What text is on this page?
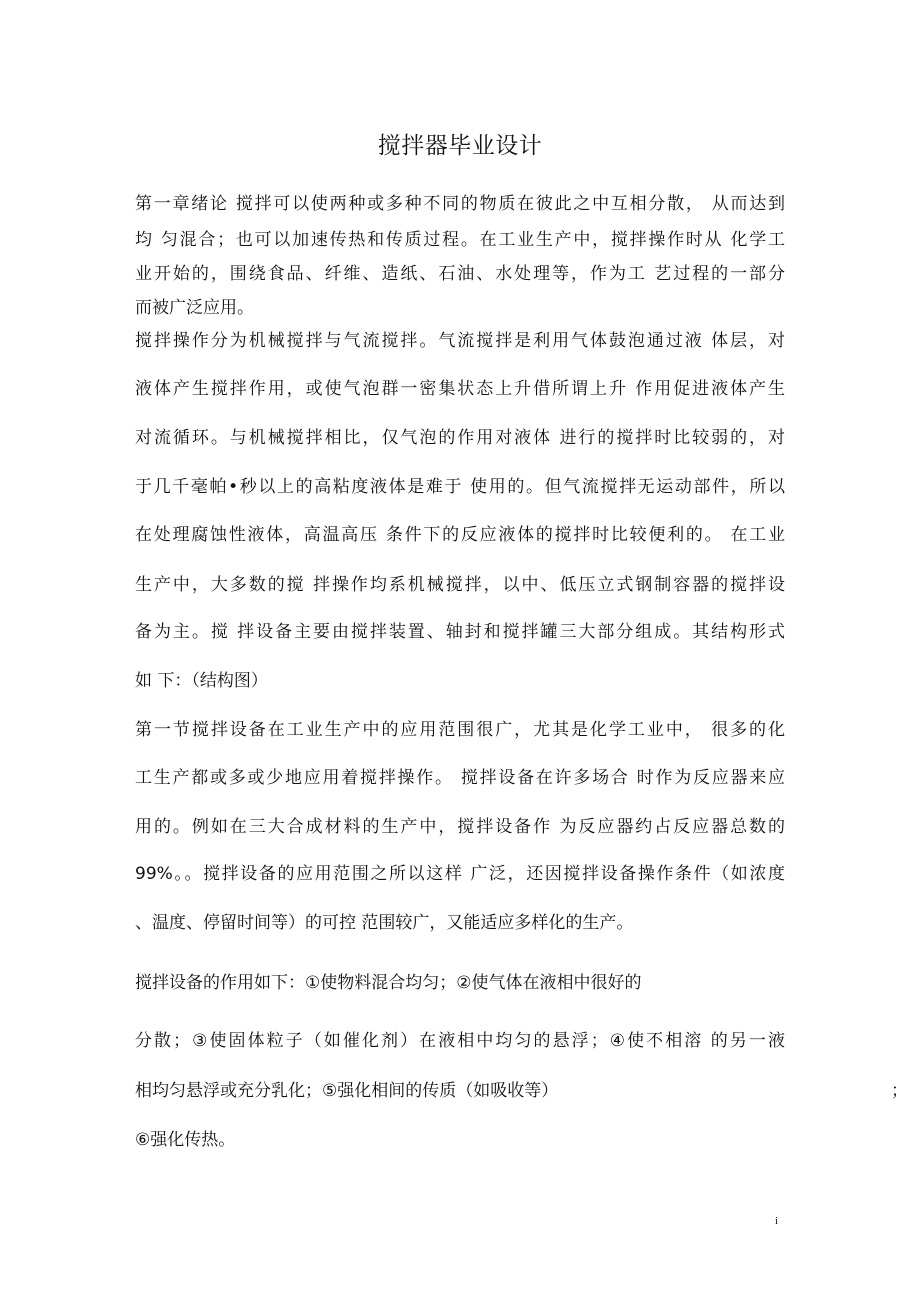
搅拌器毕业设计
第一章绪论 搅拌可以使两种或多种不同的物质在彼此之中互相分散， 从而达到
均 匀混合；也可以加速传热和传质过程。在工业生产中，搅拌操作时从 化学工
业开始的，围绕食品、纤维、造纸、石油、水处理等，作为工 艺过程的一部分
而被广泛应用。
搅拌操作分为机械搅拌与气流搅拌。气流搅拌是利用气体鼓泡通过液 体层，对
液体产生搅拌作用，或使气泡群一密集状态上升借所谓上升 作用促进液体产生
对流循环。与机械搅拌相比，仅气泡的作用对液体 进行的搅拌时比较弱的，对
于几千毫帕•秒以上的高粘度液体是难于 使用的。但气流搅拌无运动部件，所以
在处理腐蚀性液体，高温高压 条件下的反应液体的搅拌时比较便利的。 在工业
生产中，大多数的搅 拌操作均系机械搅拌，以中、低压立式钢制容器的搅拌设
备为主。搅 拌设备主要由搅拌装置、轴封和搅拌罐三大部分组成。其结构形式
如 下：（结构图）
第一节搅拌设备在工业生产中的应用范围很广，尤其是化学工业中， 很多的化
工生产都或多或少地应用着搅拌操作。 搅拌设备在许多场合 时作为反应器来应
用的。例如在三大合成材料的生产中，搅拌设备作 为反应器约占反应器总数的
99%。。搅拌设备的应用范围之所以这样 广泛，还因搅拌设备操作条件（如浓度
、温度、停留时间等）的可控 范围较广，又能适应多样化的生产。
搅拌设备的作用如下：①使物料混合均匀；②使气体在液相中很好的
分散；③使固体粒子（如催化剂）在液相中均匀的悬浮；④使不相溶 的另一液
相均匀悬浮或充分乳化；⑤强化相间的传质（如吸收等）	；
⑥强化传热。
i
